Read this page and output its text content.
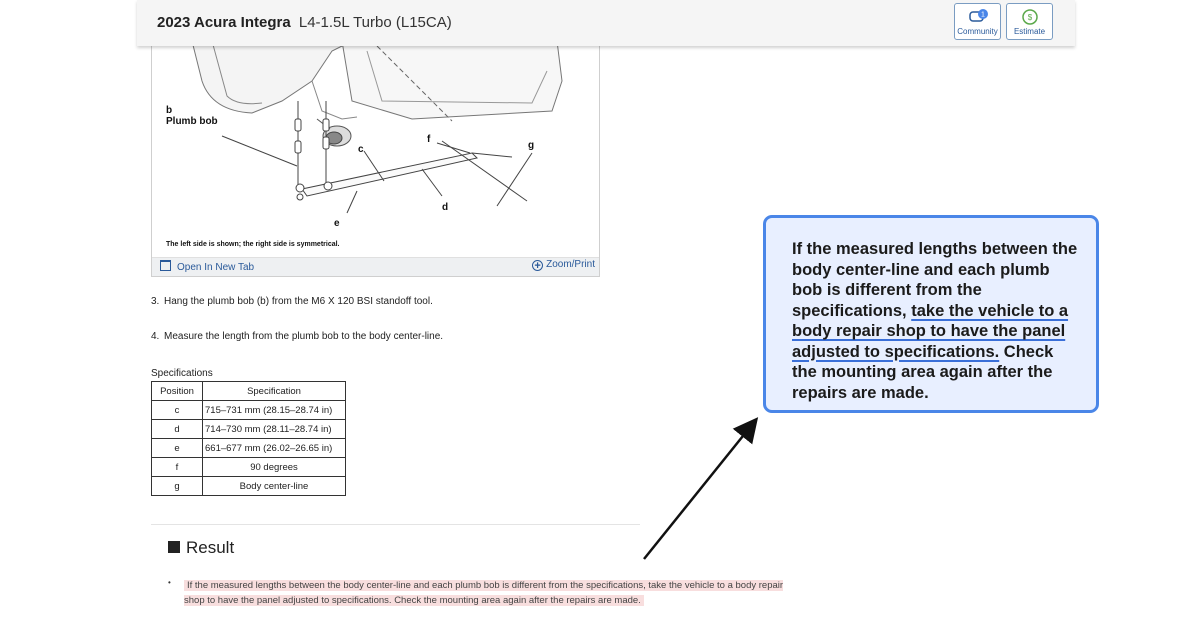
2023 Acura Integra L4-1.5L Turbo (L15CA)	1
Community
$
Estimate
b
Plumb bob
c
d
e
f
g
The left side is shown; the right side is symmetrical.
Open In New Tab	+ Zoom/Print
3. Hang the plumb bob (b) from the M6 X 120 BSI standoff tool.
4. Measure the length from the plumb bob to the body center-line.
Specifications
Position	Specification
c	715–731 mm (28.15–28.74 in)
d	714–730 mm (28.11–28.74 in)
e	661–677 mm (26.02–26.65 in)
f	90 degrees
g	Body center-line
Result
•	If the measured lengths between the body center-line and each plumb bob is different from the specifications, take the vehicle to a body repair shop to have the panel adjusted to specifications. Check the mounting area again after the repairs are made.
If the measured lengths between the body center-line and each plumb bob is different from the specifications, take the vehicle to a body repair shop to have the panel adjusted to specifications. Check the mounting area again after the repairs are made.
